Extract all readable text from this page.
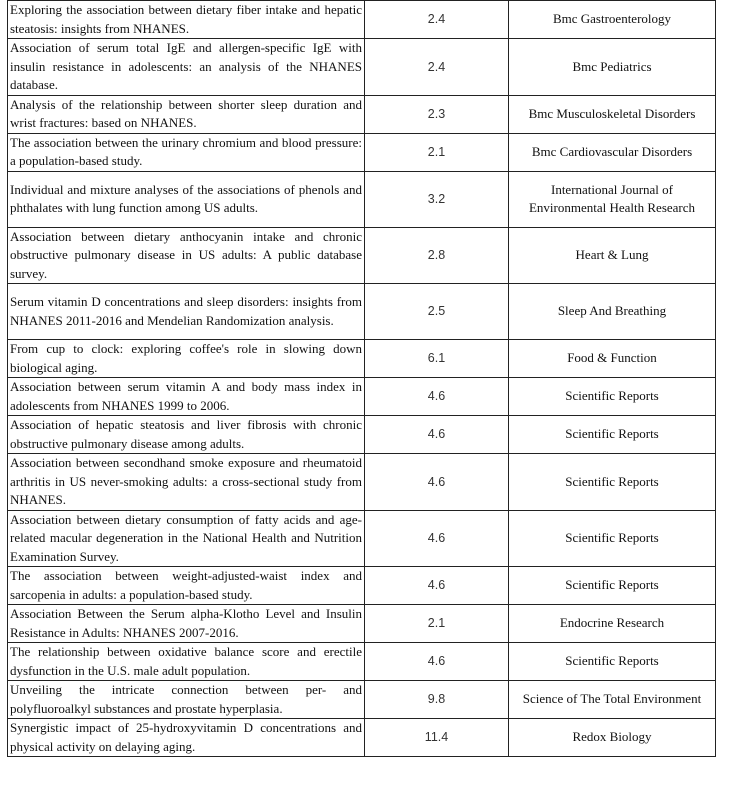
Exploring the association between dietary fiber intake and hepatic steatosis: insights from NHANES.	2.4	Bmc Gastroenterology
Association of serum total IgE and allergen-specific IgE with insulin resistance in adolescents: an analysis of the NHANES database.	2.4	Bmc Pediatrics
Analysis of the relationship between shorter sleep duration and wrist fractures: based on NHANES.	2.3	Bmc Musculoskeletal Disorders
The association between the urinary chromium and blood pressure: a population-based study.	2.1	Bmc Cardiovascular Disorders
Individual and mixture analyses of the associations of phenols and phthalates with lung function among US adults.	3.2	International Journal of Environmental Health Research
Association between dietary anthocyanin intake and chronic obstructive pulmonary disease in US adults: A public database survey.	2.8	Heart & Lung
Serum vitamin D concentrations and sleep disorders: insights from NHANES 2011-2016 and Mendelian Randomization analysis.	2.5	Sleep And Breathing
From cup to clock: exploring coffee's role in slowing down biological aging.	6.1	Food & Function
Association between serum vitamin A and body mass index in adolescents from NHANES 1999 to 2006.	4.6	Scientific Reports
Association of hepatic steatosis and liver fibrosis with chronic obstructive pulmonary disease among adults.	4.6	Scientific Reports
Association between secondhand smoke exposure and rheumatoid arthritis in US never-smoking adults: a cross-sectional study from NHANES.	4.6	Scientific Reports
Association between dietary consumption of fatty acids and age-related macular degeneration in the National Health and Nutrition Examination Survey.	4.6	Scientific Reports
The association between weight-adjusted-waist index and sarcopenia in adults: a population-based study.	4.6	Scientific Reports
Association Between the Serum alpha-Klotho Level and Insulin Resistance in Adults: NHANES 2007-2016.	2.1	Endocrine Research
The relationship between oxidative balance score and erectile dysfunction in the U.S. male adult population.	4.6	Scientific Reports
Unveiling the intricate connection between per- and polyfluoroalkyl substances and prostate hyperplasia.	9.8	Science of The Total Environment
Synergistic impact of 25-hydroxyvitamin D concentrations and physical activity on delaying aging.	11.4	Redox Biology
